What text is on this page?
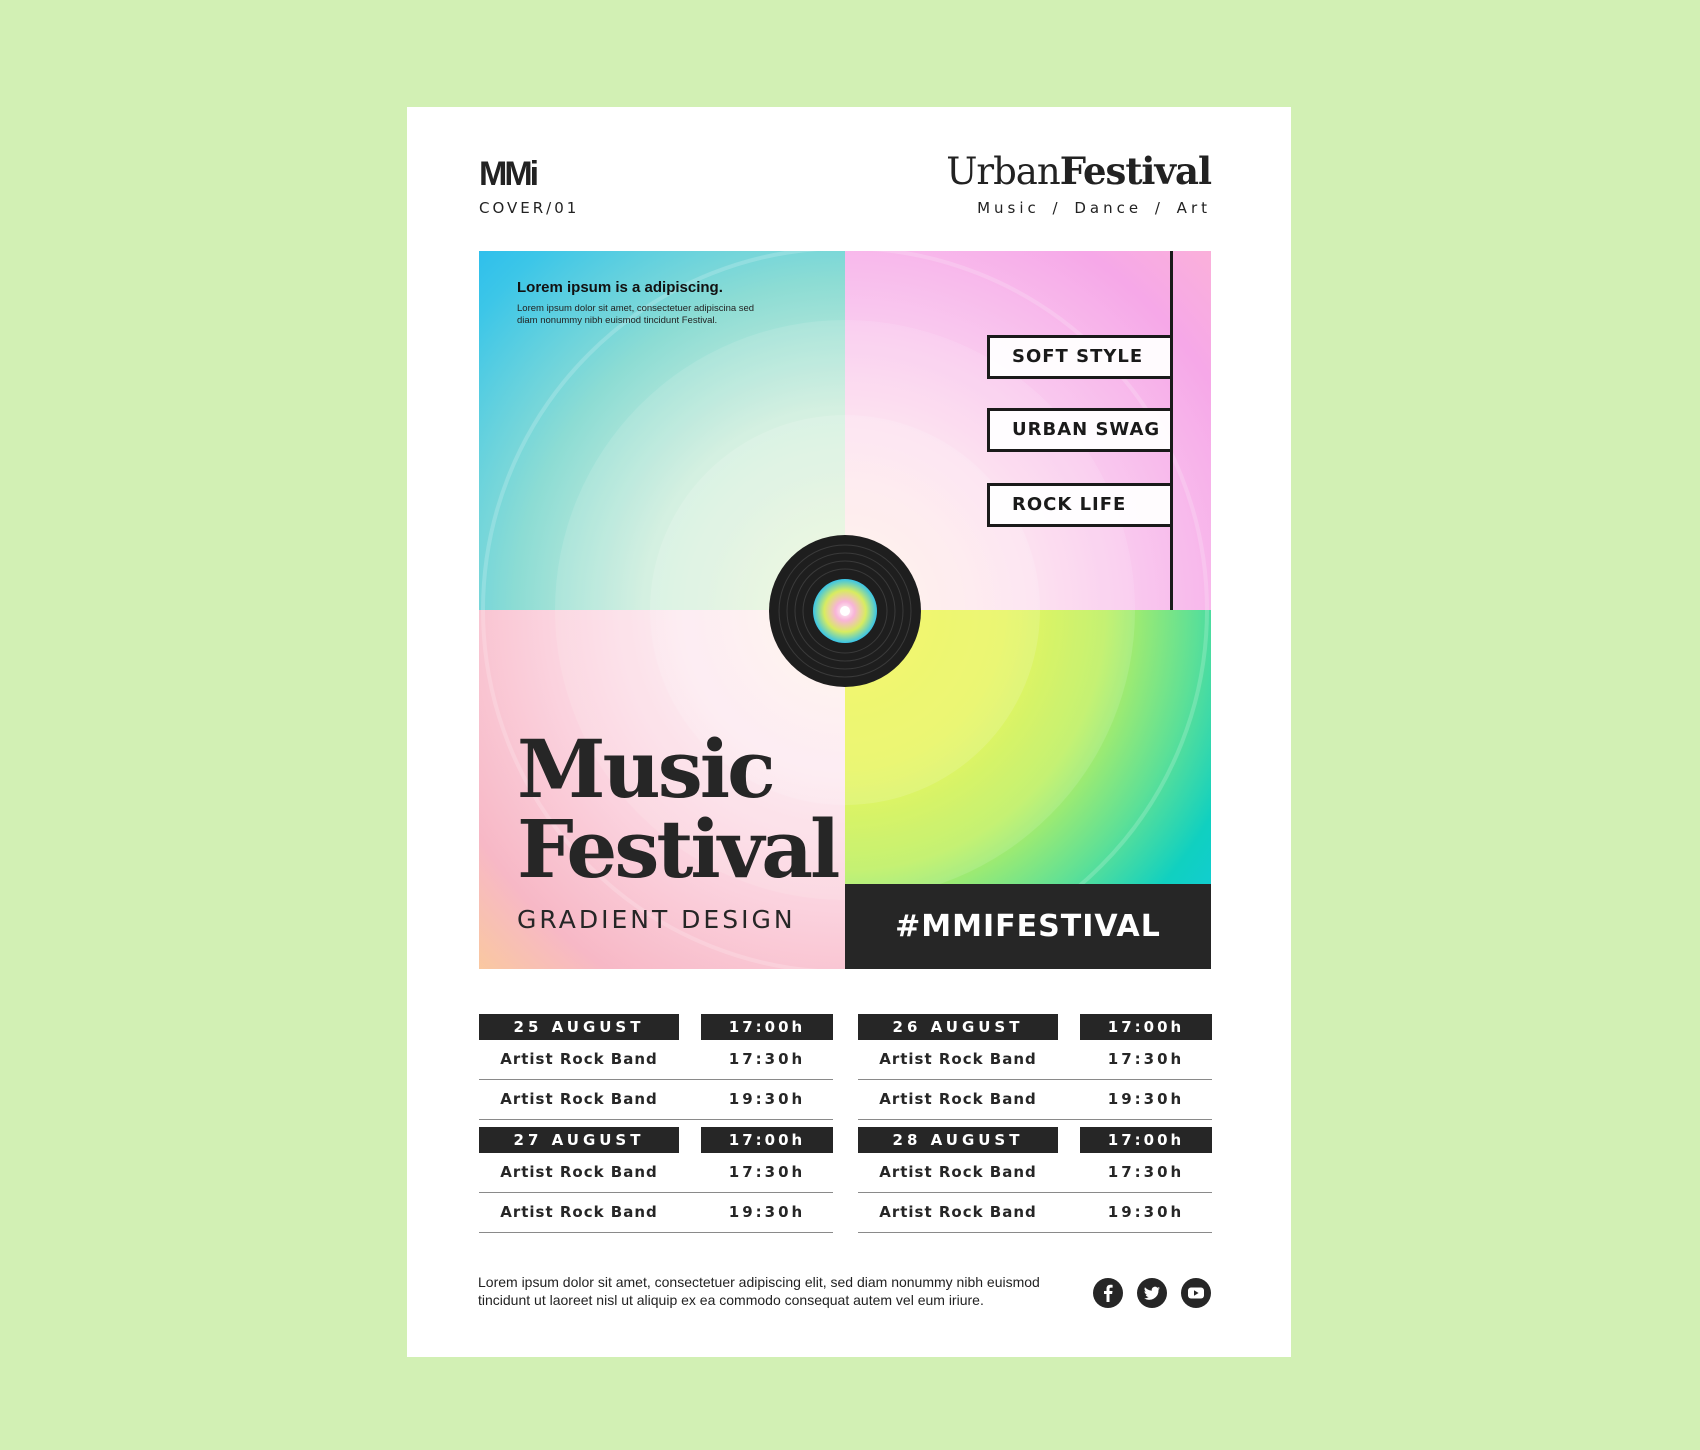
MMi
COVER/01
UrbanFestival
Music / Dance / Art
Lorem ipsum is a adipiscing.
Lorem ipsum dolor sit amet, consectetuer adipiscina sed diam nonummy nibh euismod tincidunt Festival.
SOFT STYLE
URBAN SWAG
ROCK LIFE
Music
Festival
GRADIENT DESIGN	#MMIFESTIVAL
25 AUGUST	17:00h
Artist Rock Band	17:30h
Artist Rock Band	19:30h
26 AUGUST	17:00h
Artist Rock Band	17:30h
Artist Rock Band	19:30h
27 AUGUST	17:00h
Artist Rock Band	17:30h
Artist Rock Band	19:30h
28 AUGUST	17:00h
Artist Rock Band	17:30h
Artist Rock Band	19:30h
Lorem ipsum dolor sit amet, consectetuer adipiscing elit, sed diam nonummy nibh euismod tincidunt ut laoreet nisl ut aliquip ex ea commodo consequat autem vel eum iriure.
